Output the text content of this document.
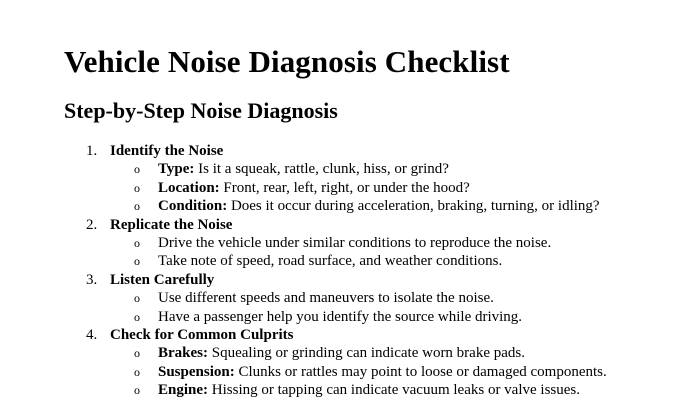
Vehicle Noise Diagnosis Checklist
Step-by-Step Noise Diagnosis
1. Identify the Noise
o Type: Is it a squeak, rattle, clunk, hiss, or grind?
o Location: Front, rear, left, right, or under the hood?
o Condition: Does it occur during acceleration, braking, turning, or idling?
2. Replicate the Noise
o Drive the vehicle under similar conditions to reproduce the noise.
o Take note of speed, road surface, and weather conditions.
3. Listen Carefully
o Use different speeds and maneuvers to isolate the noise.
o Have a passenger help you identify the source while driving.
4. Check for Common Culprits
o Brakes: Squealing or grinding can indicate worn brake pads.
o Suspension: Clunks or rattles may point to loose or damaged components.
o Engine: Hissing or tapping can indicate vacuum leaks or valve issues.
